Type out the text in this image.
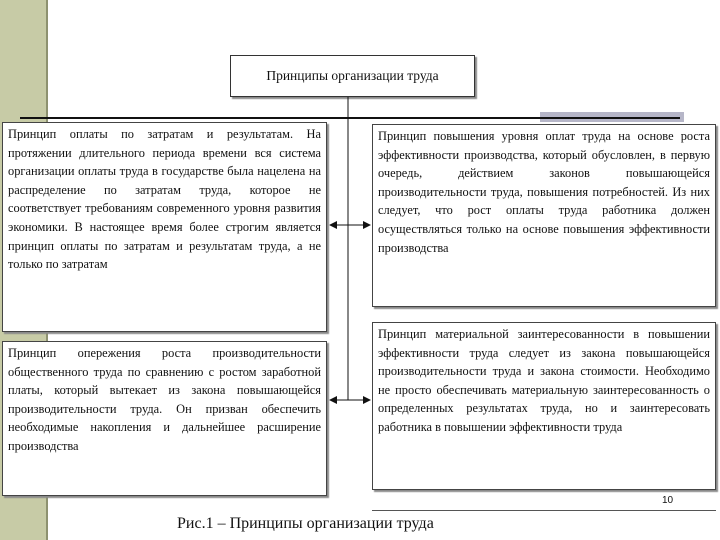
Принципы организации труда
Принцип оплаты по затратам и результатам. На протяжении длительного периода времени вся система организации оплаты труда в государстве была нацелена на распределение по затратам труда, которое не соответствует требованиям современного уровня развития экономики. В настоящее время более строгим является принцип оплаты по затратам и результатам труда, а не только по затратам
Принцип опережения роста производительности общественного труда по сравнению с ростом заработной платы, который вытекает из закона повышающейся производительности труда. Он призван обеспечить необходимые накопления и дальнейшее расширение производства
Принцип повышения уровня оплат труда на основе роста эффективности производства, который обусловлен, в первую очередь, действием законов повышающейся производительности труда, повышения потребностей. Из них следует, что рост оплаты труда работника должен осуществляться только на основе повышения эффективности производства
Принцип материальной заинтересованности в повышении эффективности труда следует из закона повышающейся производительности труда и закона стоимости. Необходимо не просто обеспечивать материальную заинтересованность о определенных результатах труда, но и заинтересовать работника в повышении эффективности труда
10
Рис.1 – Принципы организации труда
